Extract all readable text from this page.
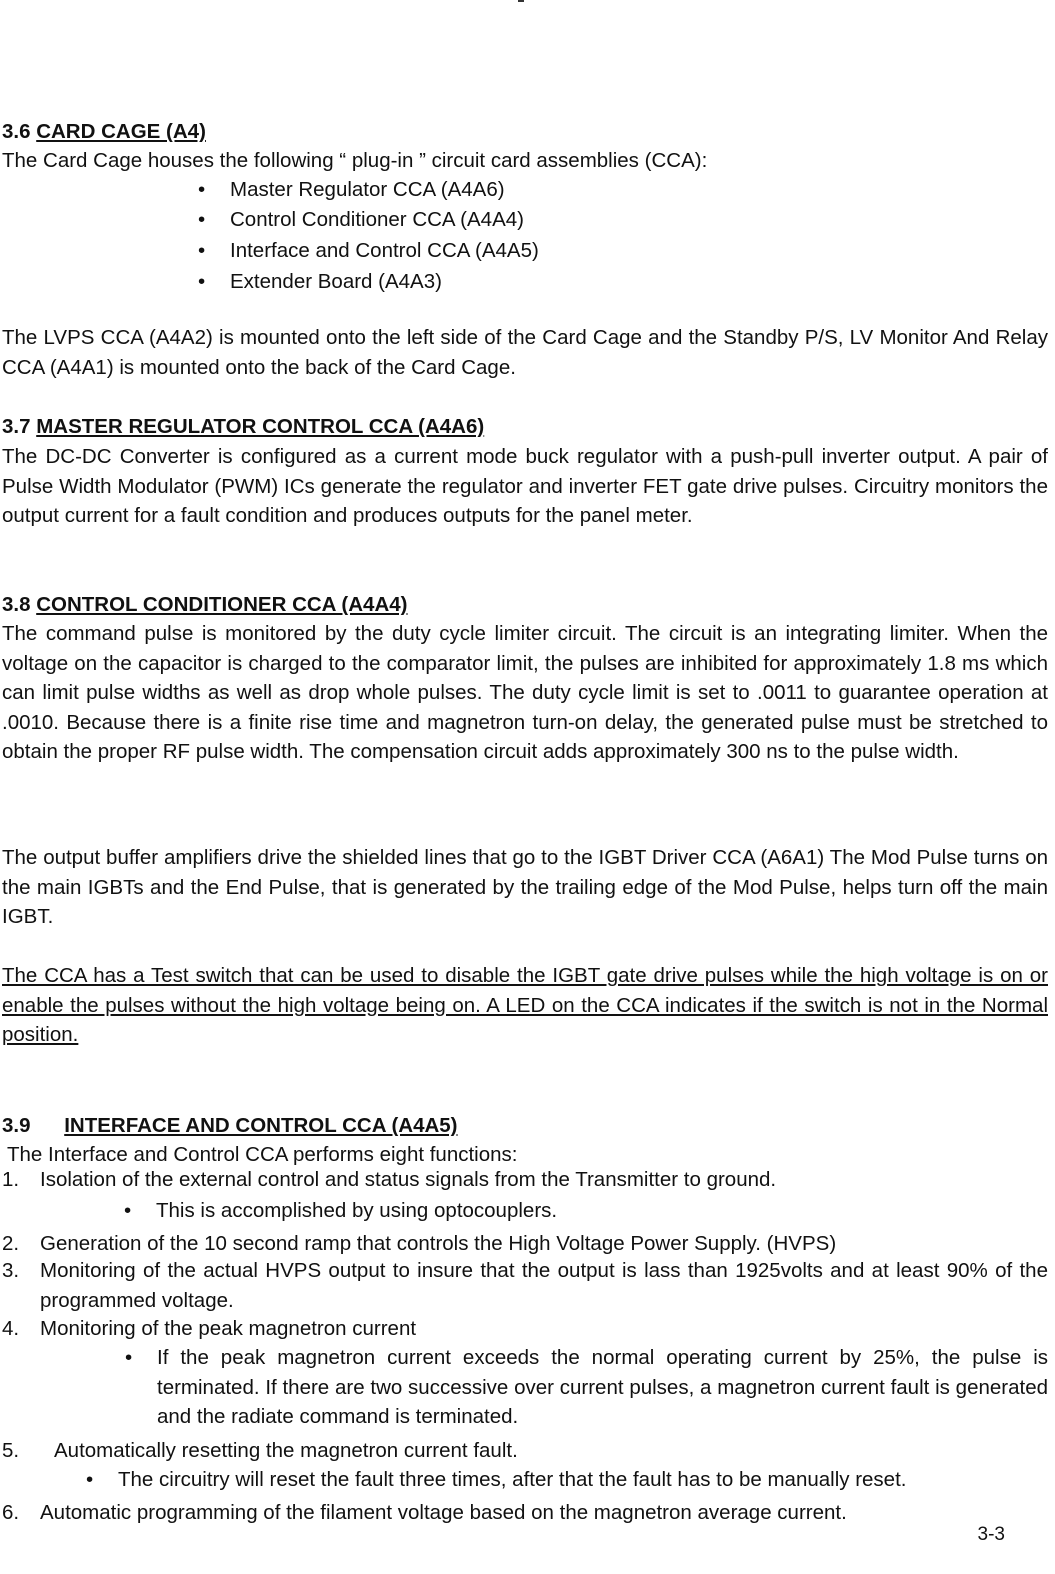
3.6 CARD CAGE (A4)

The Card Cage houses the following “ plug-in ” circuit card assemblies (CCA):

• Master Regulator CCA (A4A6)
• Control Conditioner CCA (A4A4)
• Interface and Control CCA (A4A5)
• Extender Board (A4A3)

The LVPS CCA (A4A2) is mounted onto the left side of the Card Cage and the Standby P/S, LV Monitor And Relay CCA (A4A1) is mounted onto the back of the Card Cage.

3.7 MASTER REGULATOR CONTROL CCA (A4A6)

The DC-DC Converter is configured as a current mode buck regulator with a push-pull inverter output. A pair of Pulse Width Modulator (PWM) ICs generate the regulator and inverter FET gate drive pulses. Circuitry monitors the output current for a fault condition and produces outputs for the panel meter.

3.8 CONTROL CONDITIONER CCA (A4A4)

The command pulse is monitored by the duty cycle limiter circuit. The circuit is an integrating limiter. When the voltage on the capacitor is charged to the comparator limit, the pulses are inhibited for approximately 1.8 ms which can limit pulse widths as well as drop whole pulses. The duty cycle limit is set to .0011 to guarantee operation at .0010. Because there is a finite rise time and magnetron turn-on delay, the generated pulse must be stretched to obtain the proper RF pulse width. The compensation circuit adds approximately 300 ns to the pulse width.

The output buffer amplifiers drive the shielded lines that go to the IGBT Driver CCA (A6A1) The Mod Pulse turns on the main IGBTs and the End Pulse, that is generated by the trailing edge of the Mod Pulse, helps turn off the main IGBT.

The CCA has a Test switch that can be used to disable the IGBT gate drive pulses while the high voltage is on or enable the pulses without the high voltage being on. A LED on the CCA indicates if the switch is not in the Normal position.

3.9 INTERFACE AND CONTROL CCA (A4A5)

The Interface and Control CCA performs eight functions:

1.	Isolation of the external control and status signals from the Transmitter to ground.
• This is accomplished by using optocouplers.
2.	Generation of the 10 second ramp that controls the High Voltage Power Supply. (HVPS)
3.	Monitoring of the actual HVPS output to insure that the output is lass than 1925volts and at least 90% of the programmed voltage.
4.	Monitoring of the peak magnetron current
• If the peak magnetron current exceeds the normal operating current by 25%, the pulse is terminated. If there are two successive over current pulses, a magnetron current fault is generated and the radiate command is terminated.
5.	Automatically resetting the magnetron current fault.
• The circuitry will reset the fault three times, after that the fault has to be manually reset.
6.	Automatic programming of the filament voltage based on the magnetron average current.
3-3
